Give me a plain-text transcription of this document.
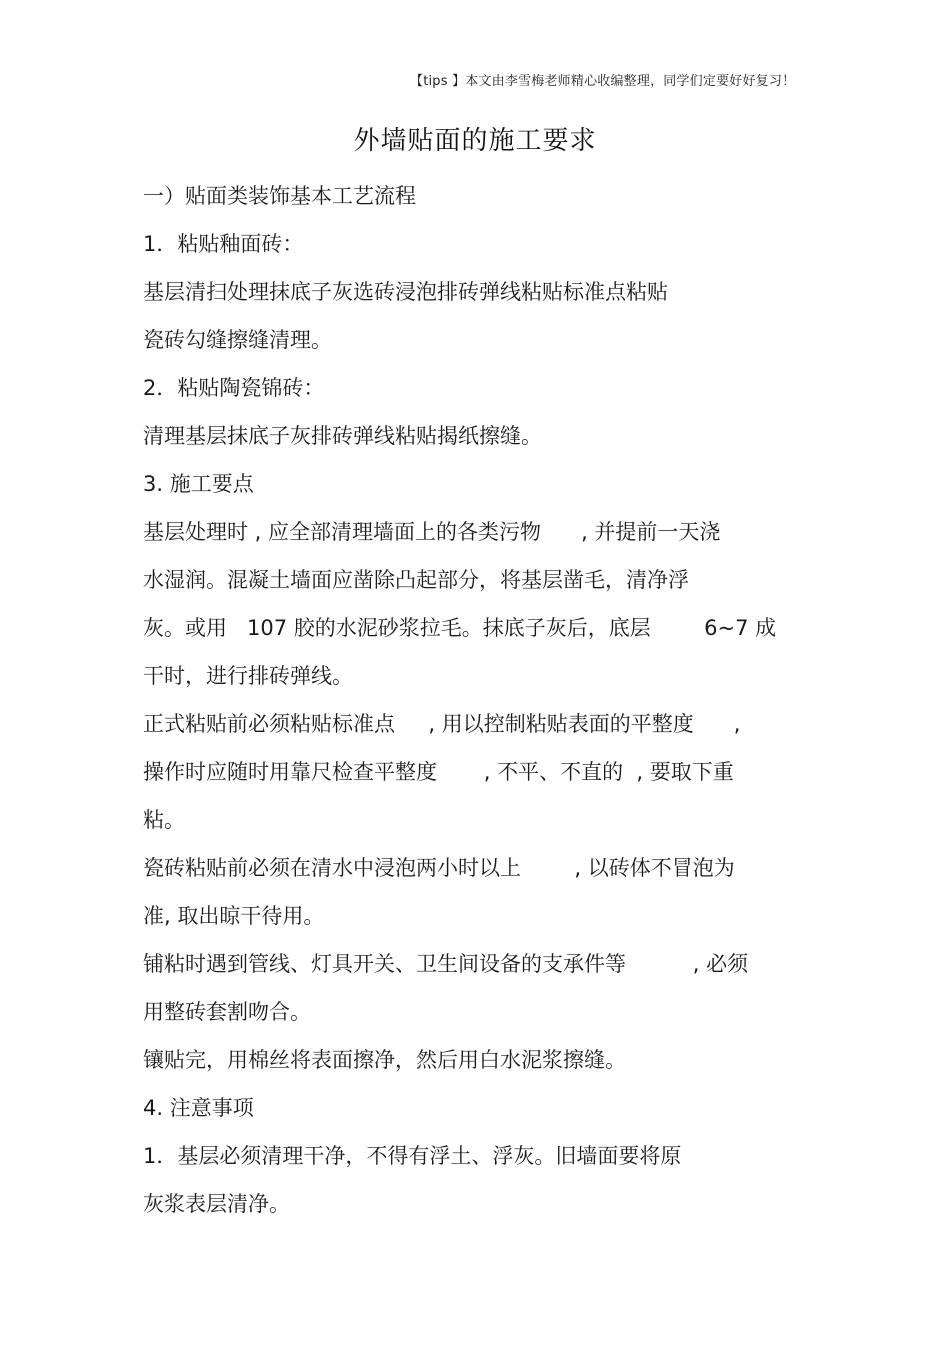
【tips 】本文由李雪梅老师精心收编整理，同学们定要好好复习！
外墙贴面的施工要求
一）贴面类装饰基本工艺流程
1．粘贴釉面砖：
基层清扫处理抹底子灰选砖浸泡排砖弹线粘贴标准点粘贴
瓷砖勾缝擦缝清理。
2．粘贴陶瓷锦砖：
清理基层抹底子灰排砖弹线粘贴揭纸擦缝。
3. 施工要点
基层处理时 , 应全部清理墙面上的各类污物      , 并提前一天浇
水湿润。混凝土墙面应凿除凸起部分，将基层凿毛，清净浮
灰。或用   107 胶的水泥砂浆拉毛。抹底子灰后，底层        6~7 成
干时，进行排砖弹线。
正式粘贴前必须粘贴标准点     , 用以控制粘贴表面的平整度      ,
操作时应随时用靠尺检查平整度       , 不平、不直的  , 要取下重
粘。
瓷砖粘贴前必须在清水中浸泡两小时以上        , 以砖体不冒泡为
准, 取出晾干待用。
铺粘时遇到管线、灯具开关、卫生间设备的支承件等          , 必须
用整砖套割吻合。
镶贴完，用棉丝将表面擦净，然后用白水泥浆擦缝。
4. 注意事项
1．基层必须清理干净，不得有浮土、浮灰。旧墙面要将原
灰浆表层清净。
